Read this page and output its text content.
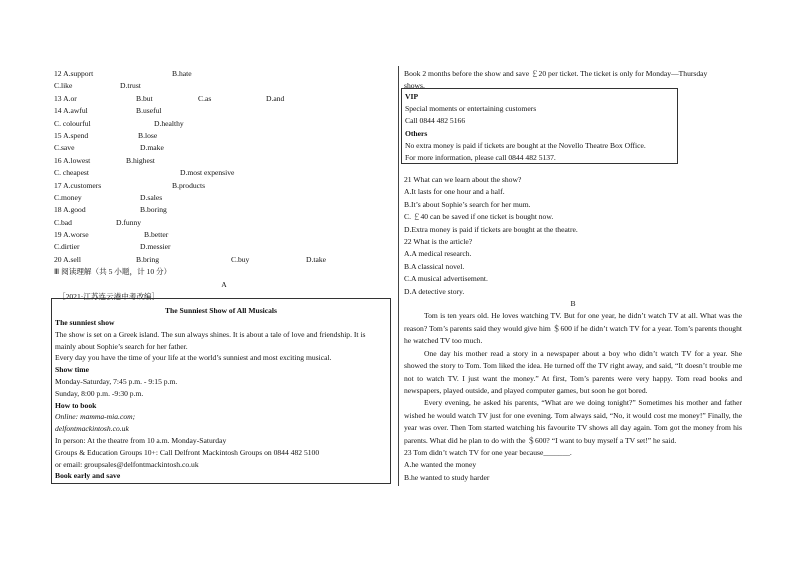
12 A.support	B.hate
C.like	D.trust
13 A.or	B.but	C.as	D.and
14 A.awful	B.useful
C. colourful	D.healthy
15 A.spend	B.lose
C.save	D.make
16 A.lowest	B.highest
C. cheapest	D.most expensive
17 A.customers	B.products
C.money	D.sales
18 A.good	B.boring
C.bad	D.funny
19 A.worse	B.better
C.dirtier	D.messier
20 A.sell	B.bring	C.buy	D.take
Ⅲ 阅读理解（共 5 小题，计 10 分）
A
［2021·江苏连云港中考改编］
The Sunniest Show of All Musicals
The sunniest show
The show is set on a Greek island. The sun always shines. It is about a tale of love and friendship. It is mainly about Sophie’s search for her father.
Every day you have the time of your life at the world’s sunniest and most exciting musical.
Show time
Monday-Saturday, 7:45 p.m. - 9:15 p.m.
Sunday, 8:00 p.m. -9:30 p.m.
How to book
Online: mamma-mia.com;
delfontmackintosh.co.uk
In person: At the theatre from 10 a.m. Monday-Saturday
Groups & Education Groups 10+: Call Delfront Mackintosh Groups on 0844 482 5100
or email: groupsales@delfontmackintosh.co.uk
Book early and save
Book 2 months before the show and save ￡20 per ticket. The ticket is only for Monday—Thursday
shows.
VIP
Special moments or entertaining customers
Call 0844 482 5166
Others
No extra money is paid if tickets are bought at the Novello Theatre Box Office.
For more information, please call 0844 482 5137.
21 What can we learn about the show?
A.It lasts for one hour and a half.
B.It’s about Sophie’s search for her mum.
C. ￡40 can be saved if one ticket is bought now.
D.Extra money is paid if tickets are bought at the theatre.
22 What is the article?
A.A medical research.
B.A classical novel.
C.A musical advertisement.
D.A detective story.
B

Tom is ten years old. He loves watching TV. But for one year, he didn’t watch TV at all. What was the reason? Tom’s parents said they would give him ＄600 if he didn’t watch TV for a year. Tom’s parents thought he watched TV too much.

One day his mother read a story in a newspaper about a boy who didn’t watch TV for a year. She showed the story to Tom. Tom liked the idea. He turned off the TV right away, and said, “It doesn’t trouble me not to watch TV. I just want the money.” At first, Tom’s parents were very happy. Tom read books and newspapers, played outside, and played computer games, but soon he got bored.

Every evening, he asked his parents, “What are we doing tonight?” Sometimes his mother and father wished he would watch TV just for one evening. Tom always said, “No, it would cost me money!” Finally, the year was over. Then Tom started watching his favourite TV shows all day again. Tom got the money from his parents. What did he plan to do with the ＄600? “I want to buy myself a TV set!” he said.

23 Tom didn’t watch TV for one year because_______.
A.he wanted the money
B.he wanted to study harder
